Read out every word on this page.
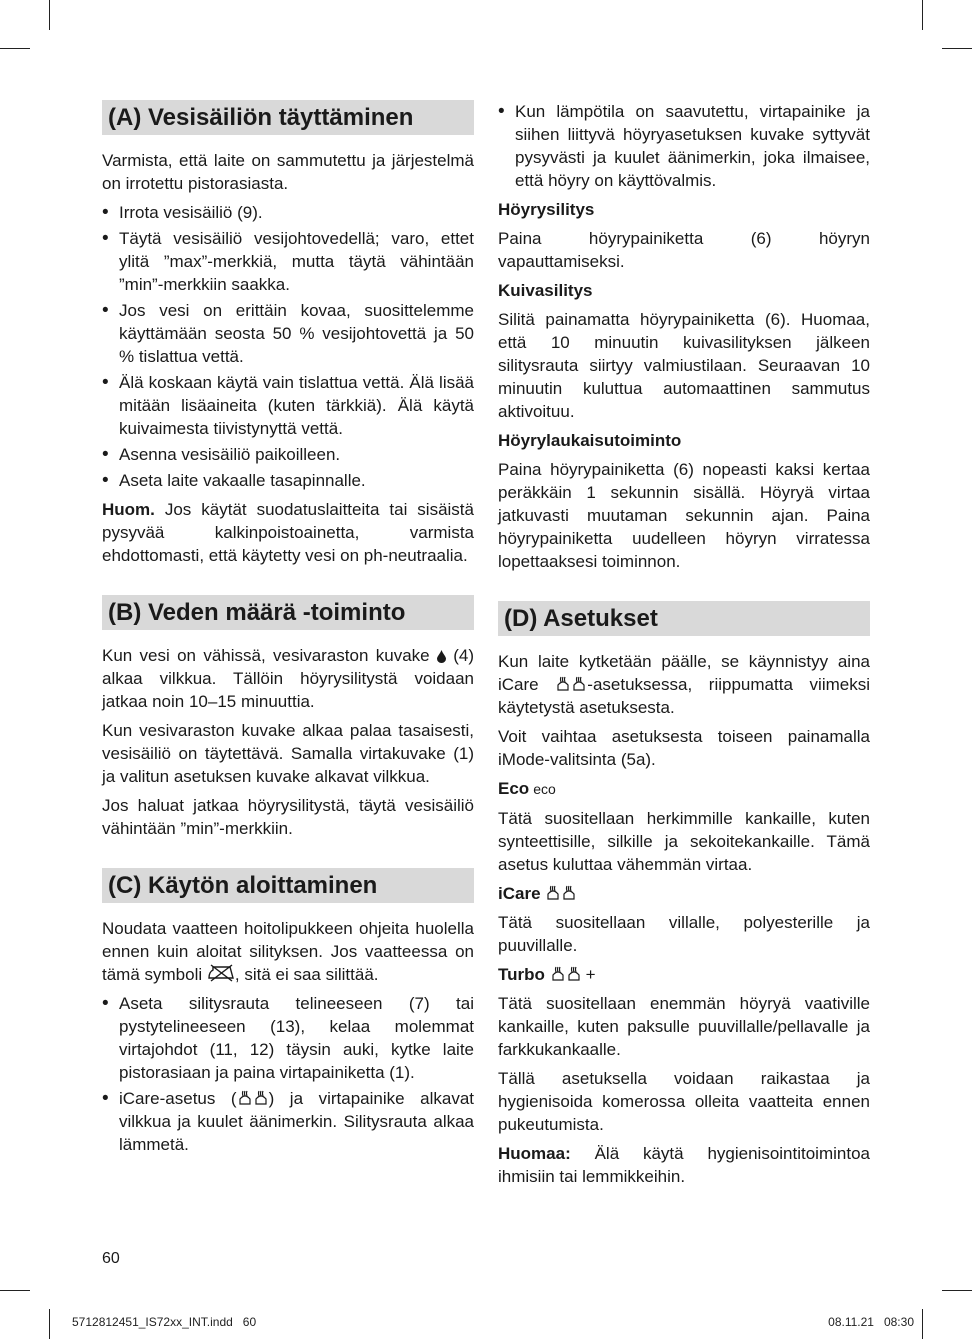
(A) Vesisäiliön täyttäminen

Varmista, että laite on sammutettu ja järjestelmä on irrotettu pistorasiasta.

• Irrota vesisäiliö (9).
• Täytä vesisäiliö vesijohtovedellä; varo, ettet ylitä ”max”-merkkiä, mutta täytä vähintään ”min”-merkkiin saakka.
• Jos vesi on erittäin kovaa, suosittelemme käyttämään seosta 50 % vesijohtovettä ja 50 % tislattua vettä.
• Älä koskaan käytä vain tislattua vettä. Älä lisää mitään lisäaineita (kuten tärkkiä). Älä käytä kuivaimesta tiivistynyttä vettä.
• Asenna vesisäiliö paikoilleen.
• Aseta laite vakaalle tasapinnalle.

Huom. Jos käytät suodatuslaitteita tai sisäistä pysyvää kalkinpoistoainetta, varmista ehdottomasti, että käytetty vesi on ph-neutraalia.

(B) Veden määrä -toiminto

Kun vesi on vähissä, vesivaraston kuvake  (4) alkaa vilkkua. Tällöin höyrysilitystä voidaan jatkaa noin 10–15 minuuttia.

Kun vesivaraston kuvake alkaa palaa tasaisesti, vesisäiliö on täytettävä. Samalla virtakuvake (1) ja valitun asetuksen kuvake alkavat vilkkua.

Jos haluat jatkaa höyrysilitystä, täytä vesisäiliö vähintään ”min”-merkkiin.

(C) Käytön aloittaminen

Noudata vaatteen hoitolipukkeen ohjeita huolella ennen kuin aloitat silityksen. Jos vaatteessa on tämä symboli , sitä ei saa silittää.

• Aseta silitysrauta telineeseen (7) tai pystytelineeseen (13), kelaa molemmat virtajohdot (11, 12) täysin auki, kytke laite pistorasiaan ja paina virtapainiketta (1).
• iCare-asetus ( ) ja virtapainike alkavat vilkkua ja kuulet äänimerkin. Silitysrauta alkaa lämmetä.
• Kun lämpötila on saavutettu, virtapainike ja siihen liittyvä höyryasetuksen kuvake syttyvät pysyvästi ja kuulet äänimerkin, joka ilmaisee, että höyry on käyttövalmis.
Höyrysilitys

Paina höyrypainiketta (6) höyryn vapauttamiseksi.

Kuivasilitys

Silitä painamatta höyrypainiketta (6). Huomaa, että 10 minuutin kuivasilityksen jälkeen silitysrauta siirtyy valmiustilaan. Seuraavan 10 minuutin kuluttua automaattinen sammutus aktivoituu.

Höyrylaukaisutoiminto

Paina höyrypainiketta (6) nopeasti kaksi kertaa peräkkäin 1 sekunnin sisällä. Höyryä virtaa jatkuvasti muutaman sekunnin ajan. Paina höyrypainiketta uudelleen höyryn virratessa lopettaaksesi toiminnon.

(D) Asetukset

Kun laite kytketään päälle, se käynnistyy aina iCare -asetuksessa, riippumatta viimeksi käytetystä asetuksesta.

Voit vaihtaa asetuksesta toiseen painamalla iMode-valitsinta (5a).

Eco eco

Tätä suositellaan herkimmille kankaille, kuten synteettisille, silkille ja sekoitekankaille. Tämä asetus kuluttaa vähemmän virtaa.

iCare

Tätä suositellaan villalle, polyesterille ja puuvillalle.

Turbo +

Tätä suositellaan enemmän höyryä vaativille kankaille, kuten paksulle puuvillalle/pellavalle ja farkkukankaalle.

Tällä asetuksella voidaan raikastaa ja hygienisoida komerossa olleita vaatteita ennen pukeutumista.

Huomaa: Älä käytä hygienisointitoimintoa ihmisiin tai lemmikkeihin.

60
5712812451_IS72xx_INT.indd   60	08.11.21   08:30
